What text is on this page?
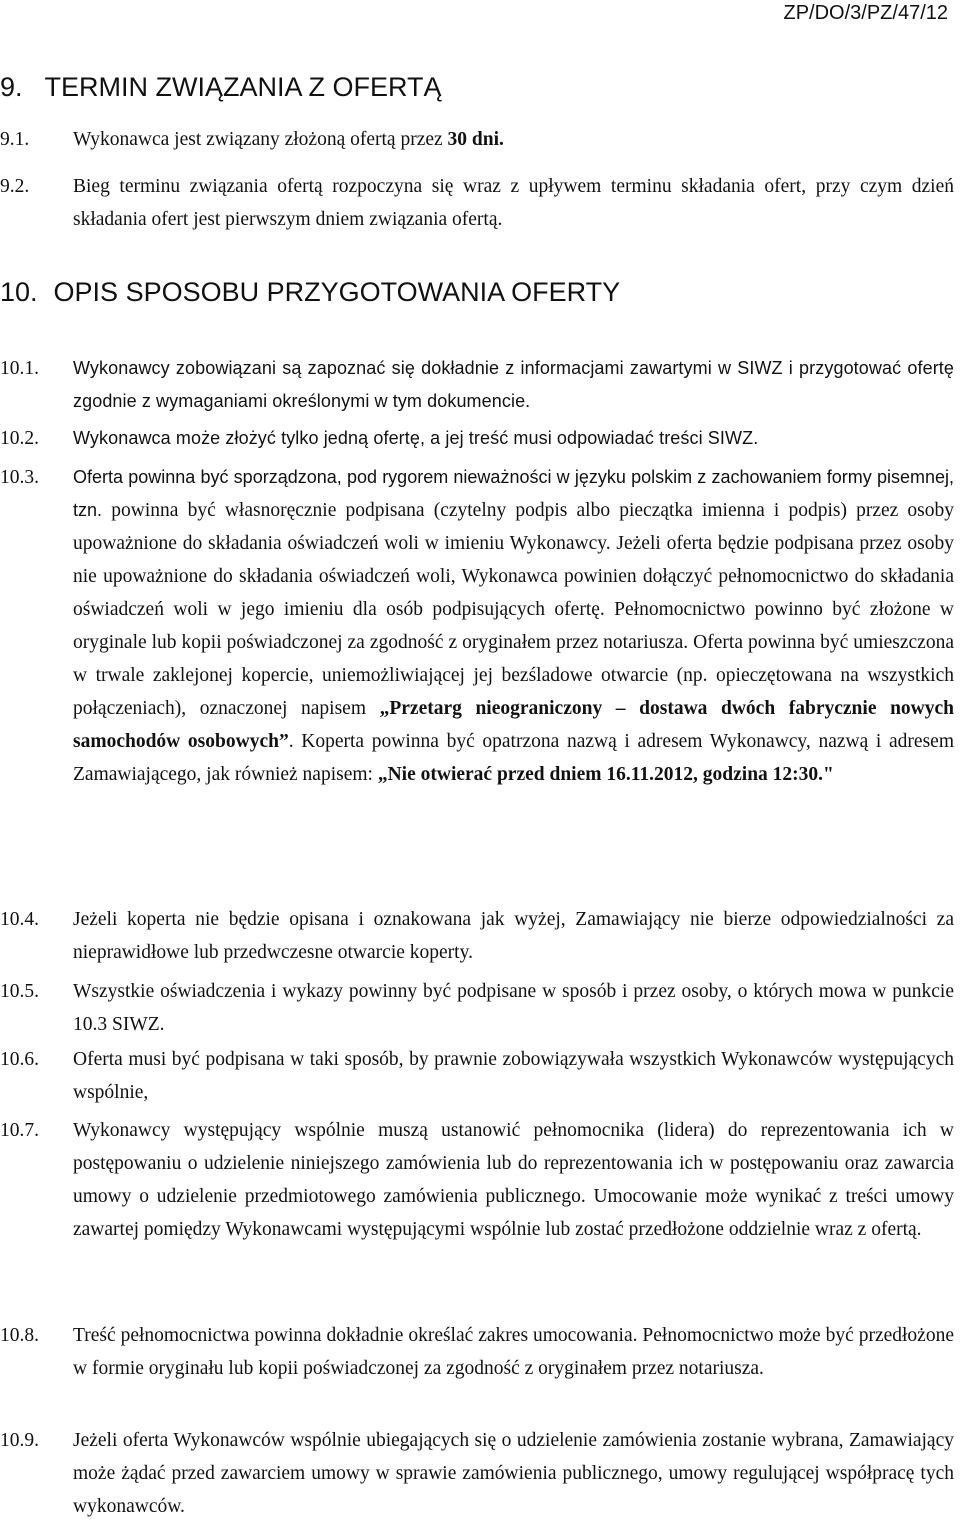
ZP/DO/3/PZ/47/12
9. TERMIN ZWIĄZANIA Z OFERTĄ
9.1. Wykonawca jest związany złożoną ofertą przez 30 dni.

9.2. Bieg terminu związania ofertą rozpoczyna się wraz z upływem terminu składania ofert, przy czym dzień składania ofert jest pierwszym dniem związania ofertą.

10. OPIS SPOSOBU PRZYGOTOWANIA OFERTY
10.1. Wykonawcy zobowiązani są zapoznać się dokładnie z informacjami zawartymi w SIWZ i przygotować ofertę zgodnie z wymaganiami określonymi w tym dokumencie.

10.2. Wykonawca może złożyć tylko jedną ofertę, a jej treść musi odpowiadać treści SIWZ.

10.3. Oferta powinna być sporządzona, pod rygorem nieważności w języku polskim z zachowaniem formy pisemnej, tzn. powinna być własnoręcznie podpisana (czytelny podpis albo pieczątka imienna i podpis) przez osoby upoważnione do składania oświadczeń woli w imieniu Wykonawcy. Jeżeli oferta będzie podpisana przez osoby nie upoważnione do składania oświadczeń woli, Wykonawca powinien dołączyć pełnomocnictwo do składania oświadczeń woli w jego imieniu dla osób podpisujących ofertę. Pełnomocnictwo powinno być złożone w oryginale lub kopii poświadczonej za zgodność z oryginałem przez notariusza. Oferta powinna być umieszczona w trwale zaklejonej kopercie, uniemożliwiającej jej bezśladowe otwarcie (np. opieczętowana na wszystkich połączeniach), oznaczonej napisem „Przetarg nieograniczony – dostawa dwóch fabrycznie nowych samochodów osobowych”. Koperta powinna być opatrzona nazwą i adresem Wykonawcy, nazwą i adresem Zamawiającego, jak również napisem: „Nie otwierać przed dniem 16.11.2012, godzina 12:30."

10.4. Jeżeli koperta nie będzie opisana i oznakowana jak wyżej, Zamawiający nie bierze odpowiedzialności za nieprawidłowe lub przedwczesne otwarcie koperty.

10.5. Wszystkie oświadczenia i wykazy powinny być podpisane w sposób i przez osoby, o których mowa w punkcie 10.3 SIWZ.

10.6. Oferta musi być podpisana w taki sposób, by prawnie zobowiązywała wszystkich Wykonawców występujących wspólnie,

10.7. Wykonawcy występujący wspólnie muszą ustanowić pełnomocnika (lidera) do reprezentowania ich w postępowaniu o udzielenie niniejszego zamówienia lub do reprezentowania ich w postępowaniu oraz zawarcia umowy o udzielenie przedmiotowego zamówienia publicznego. Umocowanie może wynikać z treści umowy zawartej pomiędzy Wykonawcami występującymi wspólnie lub zostać przedłożone oddzielnie wraz z ofertą.

10.8. Treść pełnomocnictwa powinna dokładnie określać zakres umocowania. Pełnomocnictwo może być przedłożone w formie oryginału lub kopii poświadczonej za zgodność z oryginałem przez notariusza.

10.9. Jeżeli oferta Wykonawców wspólnie ubiegających się o udzielenie zamówienia zostanie wybrana, Zamawiający może żądać przed zawarciem umowy w sprawie zamówienia publicznego, umowy regulującej współpracę tych wykonawców.
